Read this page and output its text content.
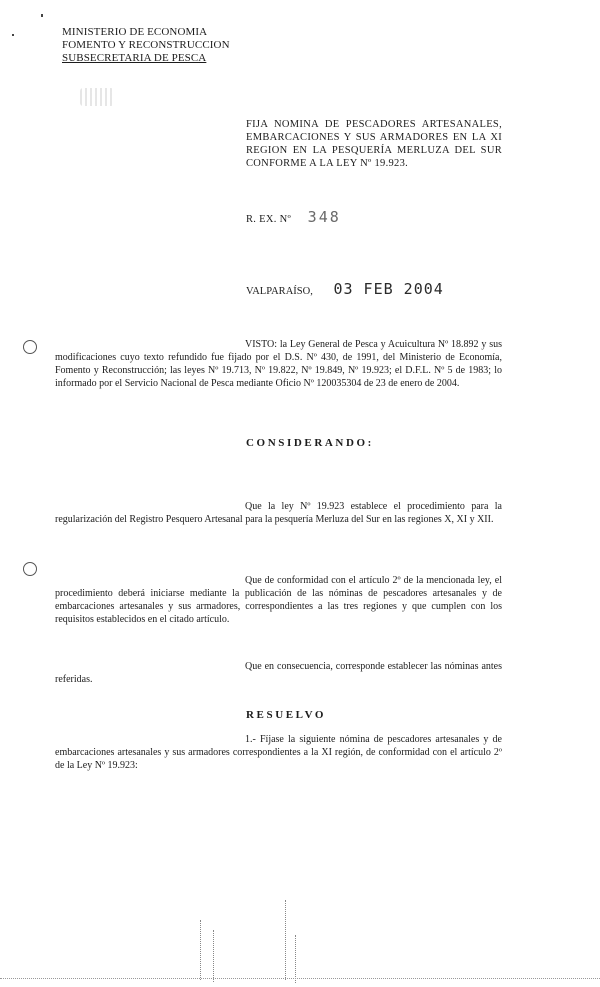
MINISTERIO DE ECONOMIA
FOMENTO Y RECONSTRUCCION
SUBSECRETARIA DE PESCA
FIJA NOMINA DE PESCADORES ARTESANALES, EMBARCACIONES Y SUS ARMADORES EN LA XI REGION EN LA PESQUERÍA MERLUZA DEL SUR CONFORME A LA LEY Nº 19.923.
R. EX. Nº 348
VALPARAÍSO, 03 FEB 2004
VISTO: la Ley General de Pesca y Acuicultura Nº 18.892 y sus modificaciones cuyo texto refundido fue fijado por el D.S. Nº 430, de 1991, del Ministerio de Economía, Fomento y Reconstrucción; las leyes Nº 19.713, Nº 19.822, Nº 19.849, Nº 19.923; el D.F.L. Nº 5 de 1983; lo informado por el Servicio Nacional de Pesca mediante Oficio Nº 120035304 de 23 de enero de 2004.
CONSIDERANDO:
Que la ley Nº 19.923 establece el procedimiento para la regularización del Registro Pesquero Artesanal para la pesquería Merluza del Sur en las regiones X, XI y XII.
Que de conformidad con el artículo 2º de la mencionada ley, el procedimiento deberá iniciarse mediante la publicación de las nóminas de pescadores artesanales y de embarcaciones artesanales y sus armadores, correspondientes a las tres regiones y que cumplen con los requisitos establecidos en el citado artículo.
Que en consecuencia, corresponde establecer las nóminas antes referidas.
RESUELVO
1.- Fíjase la siguiente nómina de pescadores artesanales y de embarcaciones artesanales y sus armadores correspondientes a la XI región, de conformidad con el artículo 2º de la Ley Nº 19.923:
